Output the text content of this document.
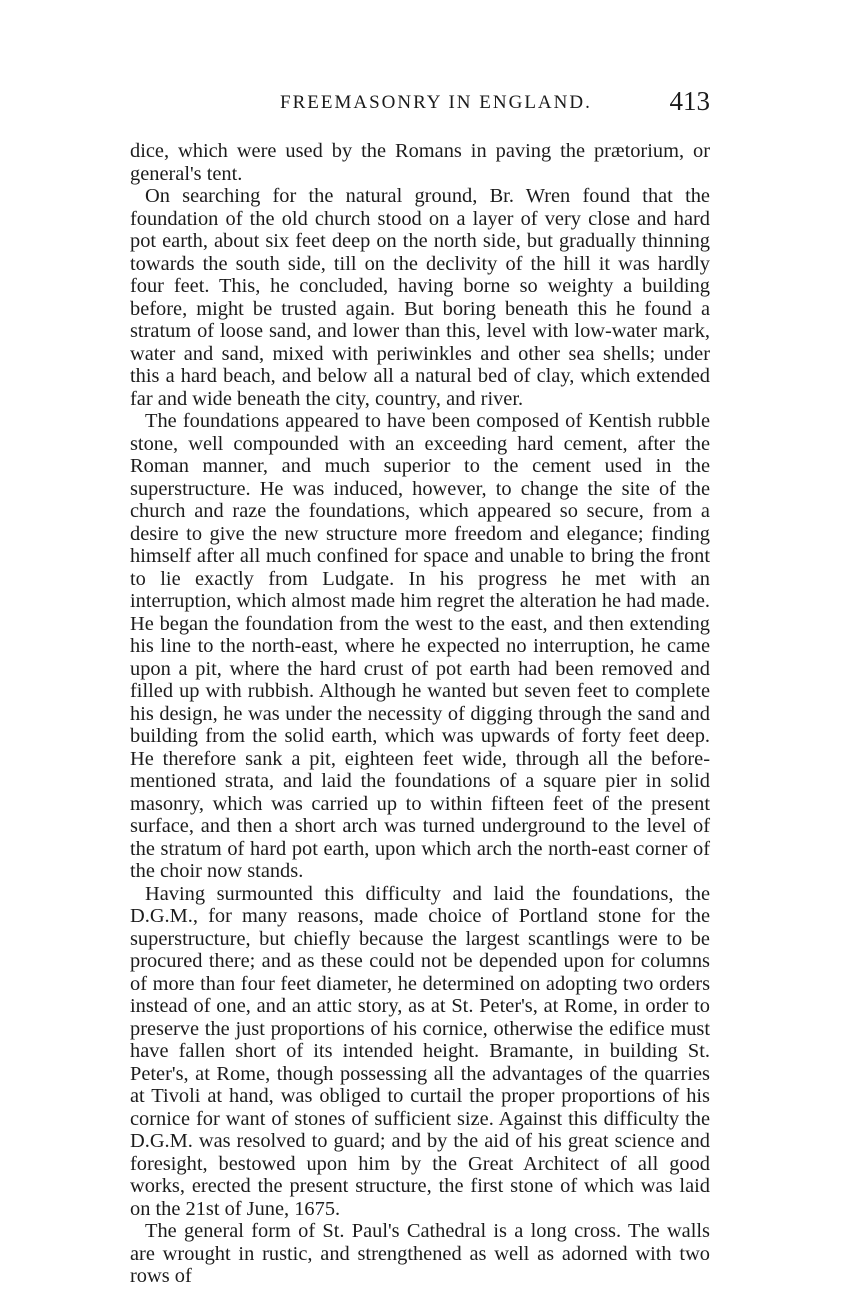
FREEMASONRY IN ENGLAND.	413

dice, which were used by the Romans in paving the prætorium, or general's tent.

On searching for the natural ground, Br. Wren found that the foundation of the old church stood on a layer of very close and hard pot earth, about six feet deep on the north side, but gradually thinning towards the south side, till on the declivity of the hill it was hardly four feet. This, he concluded, having borne so weighty a building before, might be trusted again. But boring beneath this he found a stratum of loose sand, and lower than this, level with low-water mark, water and sand, mixed with periwinkles and other sea shells; under this a hard beach, and below all a natural bed of clay, which extended far and wide beneath the city, country, and river.

The foundations appeared to have been composed of Kentish rubble stone, well compounded with an exceeding hard cement, after the Roman manner, and much superior to the cement used in the superstructure. He was induced, however, to change the site of the church and raze the foundations, which appeared so secure, from a desire to give the new structure more freedom and elegance; finding himself after all much confined for space and unable to bring the front to lie exactly from Ludgate. In his progress he met with an interruption, which almost made him regret the alteration he had made. He began the foundation from the west to the east, and then extending his line to the north-east, where he expected no interruption, he came upon a pit, where the hard crust of pot earth had been removed and filled up with rubbish. Although he wanted but seven feet to complete his design, he was under the necessity of digging through the sand and building from the solid earth, which was upwards of forty feet deep. He therefore sank a pit, eighteen feet wide, through all the before-mentioned strata, and laid the foundations of a square pier in solid masonry, which was carried up to within fifteen feet of the present surface, and then a short arch was turned underground to the level of the stratum of hard pot earth, upon which arch the north-east corner of the choir now stands.

Having surmounted this difficulty and laid the foundations, the D.G.M., for many reasons, made choice of Portland stone for the superstructure, but chiefly because the largest scantlings were to be procured there; and as these could not be depended upon for columns of more than four feet diameter, he determined on adopting two orders instead of one, and an attic story, as at St. Peter's, at Rome, in order to preserve the just proportions of his cornice, otherwise the edifice must have fallen short of its intended height. Bramante, in building St. Peter's, at Rome, though possessing all the advantages of the quarries at Tivoli at hand, was obliged to curtail the proper proportions of his cornice for want of stones of sufficient size. Against this difficulty the D.G.M. was resolved to guard; and by the aid of his great science and foresight, bestowed upon him by the Great Architect of all good works, erected the present structure, the first stone of which was laid on the 21st of June, 1675.

The general form of St. Paul's Cathedral is a long cross. The walls are wrought in rustic, and strengthened as well as adorned with two rows of
